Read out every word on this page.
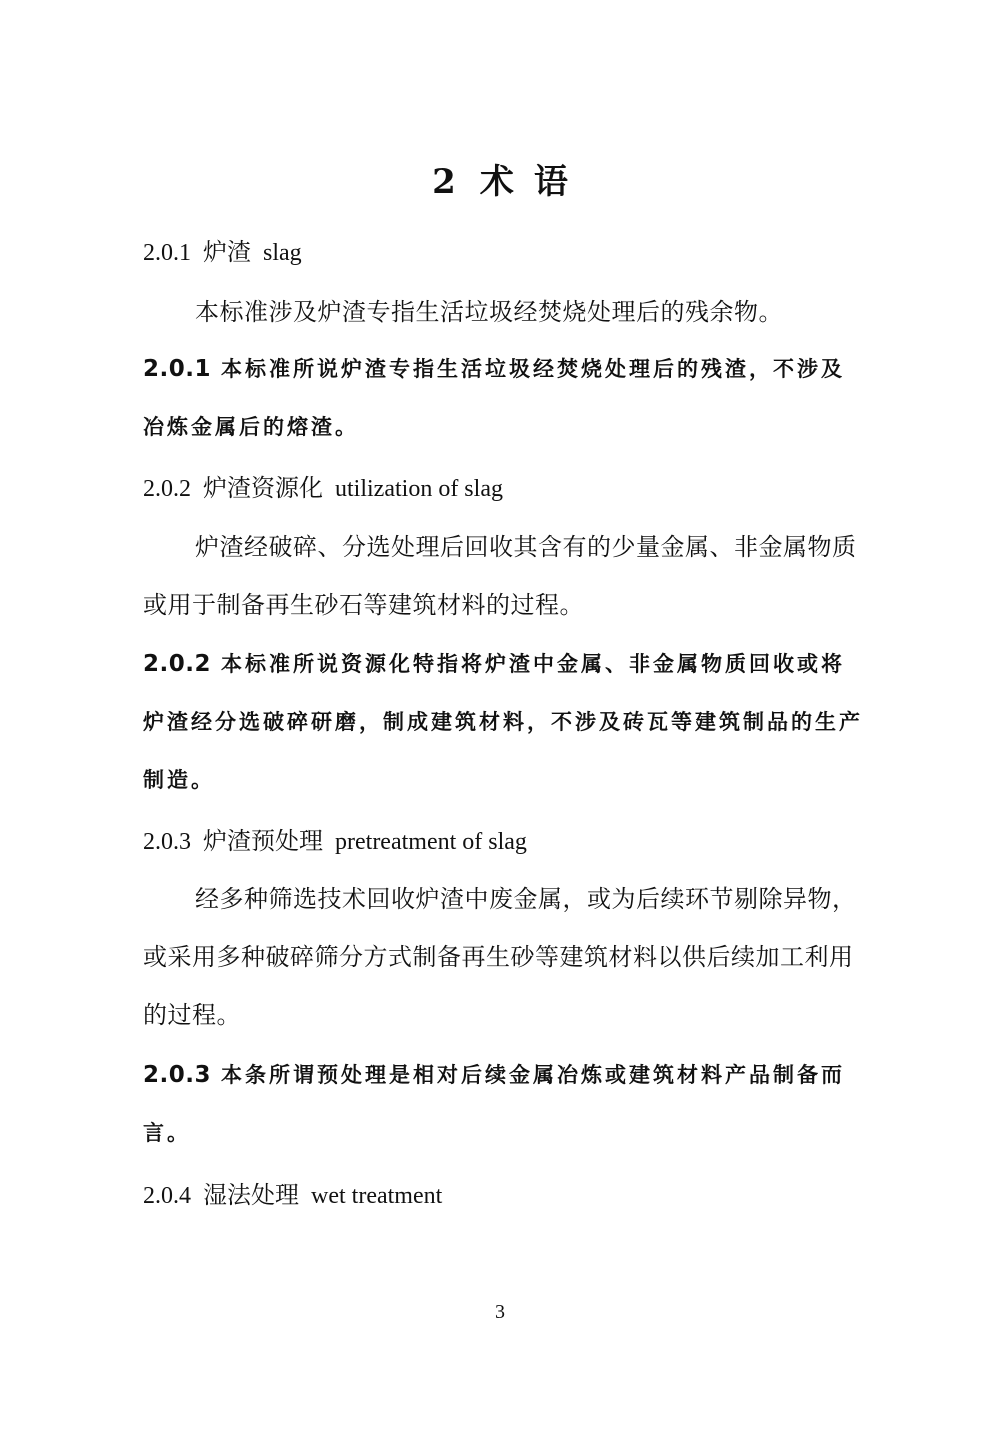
2 术 语

2.0.1 炉渣 slag

本标准涉及炉渣专指生活垃圾经焚烧处理后的残余物。

2.0.1 本标准所说炉渣专指生活垃圾经焚烧处理后的残渣，不涉及冶炼金属后的熔渣。

2.0.2 炉渣资源化 utilization of slag

炉渣经破碎、分选处理后回收其含有的少量金属、非金属物质或用于制备再生砂石等建筑材料的过程。

2.0.2 本标准所说资源化特指将炉渣中金属、非金属物质回收或将炉渣经分选破碎研磨，制成建筑材料，不涉及砖瓦等建筑制品的生产制造。

2.0.3 炉渣预处理 pretreatment of slag

经多种筛选技术回收炉渣中废金属，或为后续环节剔除异物，或采用多种破碎筛分方式制备再生砂等建筑材料以供后续加工利用的过程。

2.0.3 本条所谓预处理是相对后续金属冶炼或建筑材料产品制备而言。

2.0.4 湿法处理 wet treatment

3
